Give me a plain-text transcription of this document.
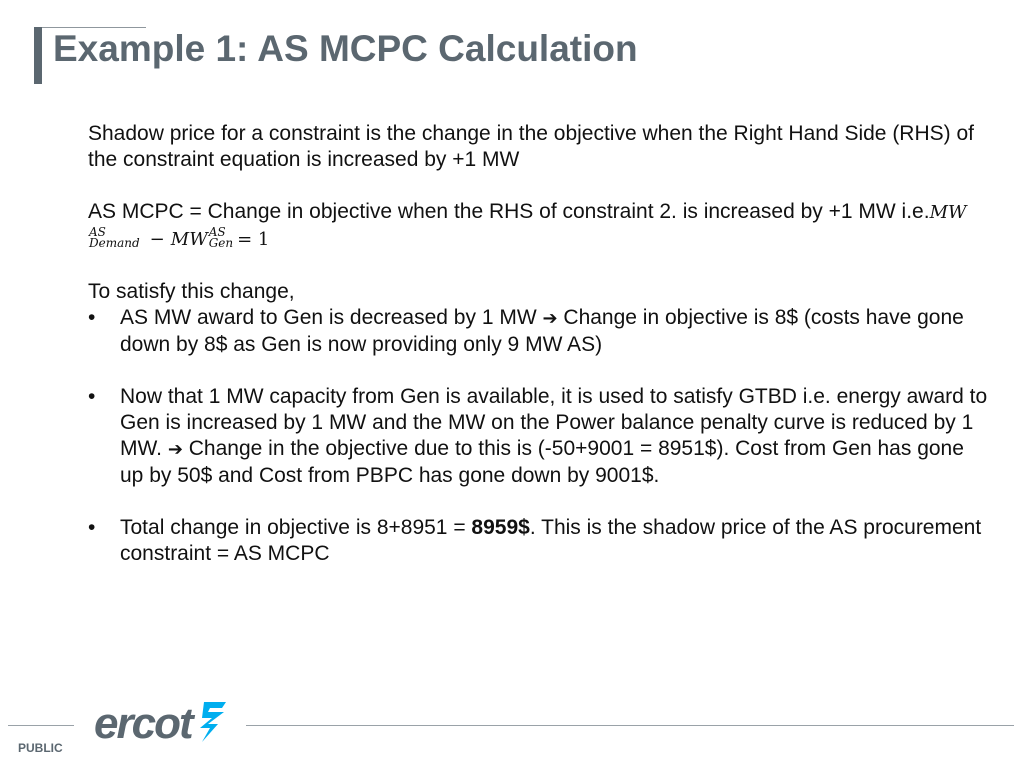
Example 1: AS MCPC Calculation

Shadow price for a constraint is the change in the objective when the Right Hand Side (RHS) of the constraint equation is increased by +1 MW

AS MCPC = Change in objective when the RHS of constraint 2. is increased by +1 MW i.e.MW
AS
Demand − MW AS
Gen = 1

To satisfy this change,

• AS MW award to Gen is decreased by 1 MW ➔ Change in objective is 8$ (costs have gone down by 8$ as Gen is now providing only 9 MW AS)
• Now that 1 MW capacity from Gen is available, it is used to satisfy GTBD i.e. energy award to Gen is increased by 1 MW and the MW on the Power balance penalty curve is reduced by 1 MW. ➔ Change in the objective due to this is (-50+9001 = 8951$). Cost from Gen has gone up by 50$ and Cost from PBPC has gone down by 9001$.
• Total change in objective is 8+8951 = 8959$. This is the shadow price of the AS procurement constraint = AS MCPC
ercot
PUBLIC
